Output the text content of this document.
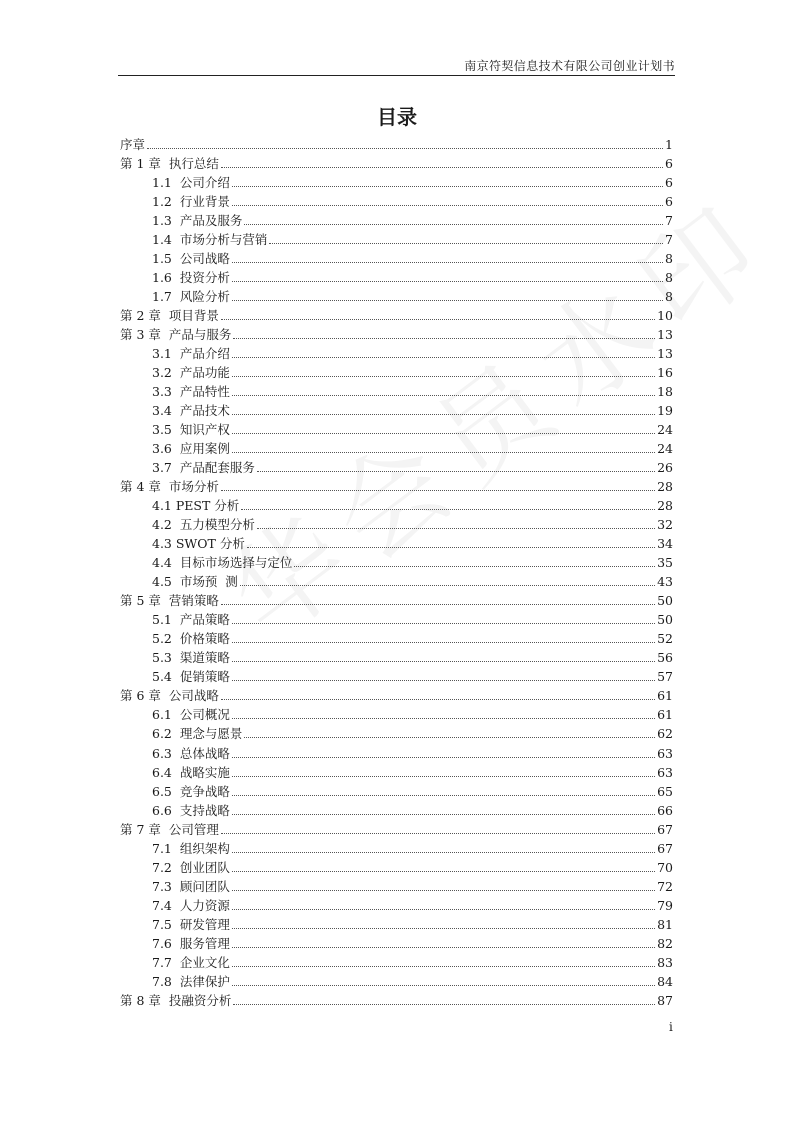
南京符契信息技术有限公司创业计划书
目录
序章	1
第 1 章  执行总结	6
1.1  公司介绍	6
1.2  行业背景	6
1.3  产品及服务	7
1.4  市场分析与营销	7
1.5  公司战略	8
1.6  投资分析	8
1.7  风险分析	8
第 2 章  项目背景	10
第 3 章  产品与服务	13
3.1  产品介绍	13
3.2  产品功能	16
3.3  产品特性	18
3.4  产品技术	19
3.5  知识产权	24
3.6  应用案例	24
3.7  产品配套服务	26
第 4 章  市场分析	28
4.1 PEST 分析	28
4.2  五力模型分析	32
4.3 SWOT 分析	34
4.4  目标市场选择与定位	35
4.5  市场预  测	43
第 5 章  营销策略	50
5.1  产品策略	50
5.2  价格策略	52
5.3  渠道策略	56
5.4  促销策略	57
第 6 章  公司战略	61
6.1  公司概况	61
6.2  理念与愿景	62
6.3  总体战略	63
6.4  战略实施	63
6.5  竞争战略	65
6.6  支持战略	66
第 7 章  公司管理	67
7.1  组织架构	67
7.2  创业团队	70
7.3  顾问团队	72
7.4  人力资源	79
7.5  研发管理	81
7.6  服务管理	82
7.7  企业文化	83
7.8  法律保护	84
第 8 章  投融资分析	87
i
